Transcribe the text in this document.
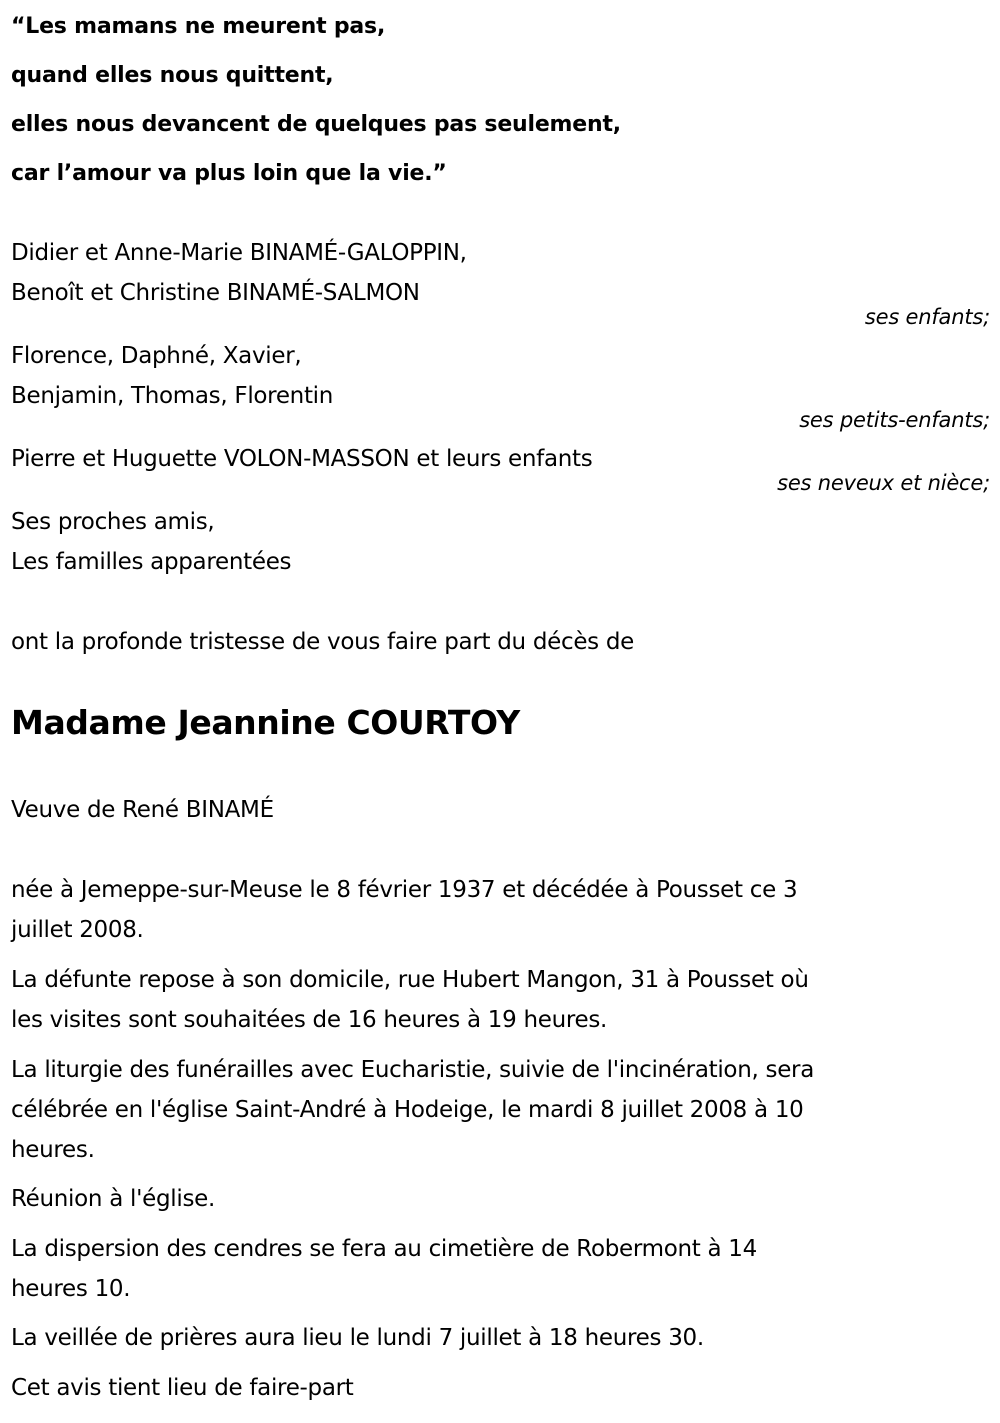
“Les mamans ne meurent pas,
quand elles nous quittent,
elles nous devancent de quelques pas seulement,
car l’amour va plus loin que la vie.”
Didier et Anne-Marie BINAMÉ-GALOPPIN,
Benoît et Christine BINAMÉ-SALMON
ses enfants;
Florence, Daphné, Xavier,
Benjamin, Thomas, Florentin
ses petits-enfants;
Pierre et Huguette VOLON-MASSON et leurs enfants
ses neveux et nièce;
Ses proches amis,
Les familles apparentées
ont la profonde tristesse de vous faire part du décès de
Madame Jeannine COURTOY
Veuve de René BINAMÉ
née à Jemeppe-sur-Meuse le 8 février 1937 et décédée à Pousset ce 3
juillet 2008.
La défunte repose à son domicile, rue Hubert Mangon, 31 à Pousset où
les visites sont souhaitées de 16 heures à 19 heures.
La liturgie des funérailles avec Eucharistie, suivie de l'incinération, sera
célébrée en l'église Saint-André à Hodeige, le mardi 8 juillet 2008 à 10
heures.
Réunion à l'église.
La dispersion des cendres se fera au cimetière de Robermont à 14
heures 10.
La veillée de prières aura lieu le lundi 7 juillet à 18 heures 30.
Cet avis tient lieu de faire-part
